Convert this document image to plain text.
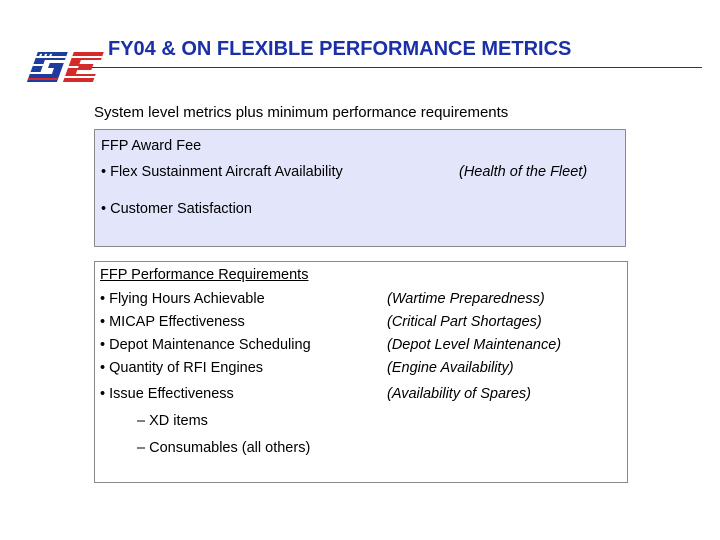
FY04 & ON FLEXIBLE PERFORMANCE METRICS
System level metrics plus minimum performance requirements
FFP Award Fee
• Flex Sustainment Aircraft Availability	(Health of the Fleet)
• Customer Satisfaction
FFP Performance Requirements
• Flying Hours Achievable	(Wartime Preparedness)
• MICAP Effectiveness	(Critical Part Shortages)
• Depot Maintenance Scheduling	(Depot Level Maintenance)
• Quantity of RFI Engines	(Engine Availability)
• Issue Effectiveness	(Availability of Spares)
– XD items
– Consumables (all others)
